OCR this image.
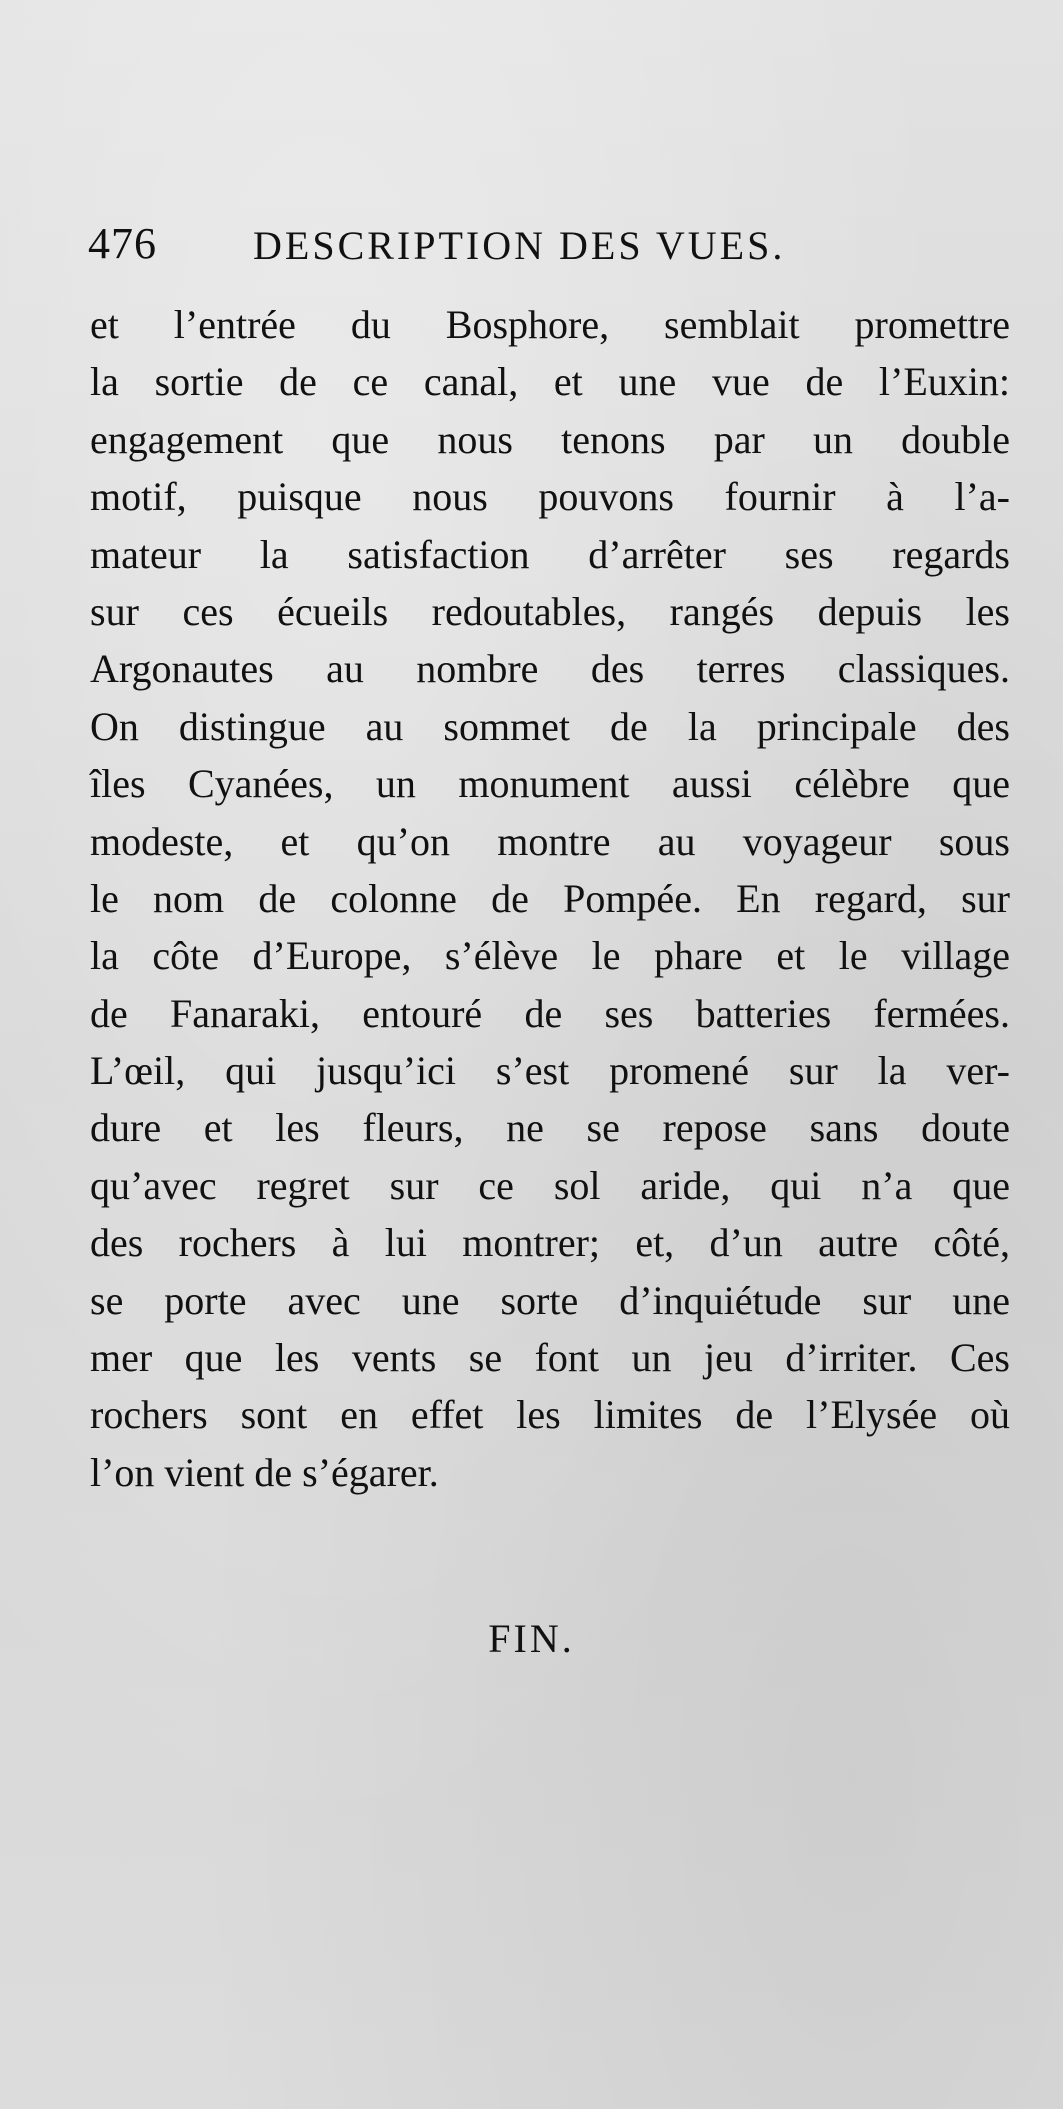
476 DESCRIPTION DES VUES.
et l’entrée du Bosphore, semblait promettre
la sortie de ce canal, et une vue de l’Euxin:
engagement que nous tenons par un double
motif, puisque nous pouvons fournir à l’a-
mateur la satisfaction d’arrêter ses regards
sur ces écueils redoutables, rangés depuis les
Argonautes au nombre des terres classiques.
On distingue au sommet de la principale des
îles Cyanées, un monument aussi célèbre que
modeste, et qu’on montre au voyageur sous
le nom de colonne de Pompée. En regard, sur
la côte d’Europe, s’élève le phare et le village
de Fanaraki, entouré de ses batteries fermées.
L’œil, qui jusqu’ici s’est promené sur la ver-
dure et les fleurs, ne se repose sans doute
qu’avec regret sur ce sol aride, qui n’a que
des rochers à lui montrer; et, d’un autre côté,
se porte avec une sorte d’inquiétude sur une
mer que les vents se font un jeu d’irriter. Ces
rochers sont en effet les limites de l’Elysée où
l’on vient de s’égarer.
FIN.
